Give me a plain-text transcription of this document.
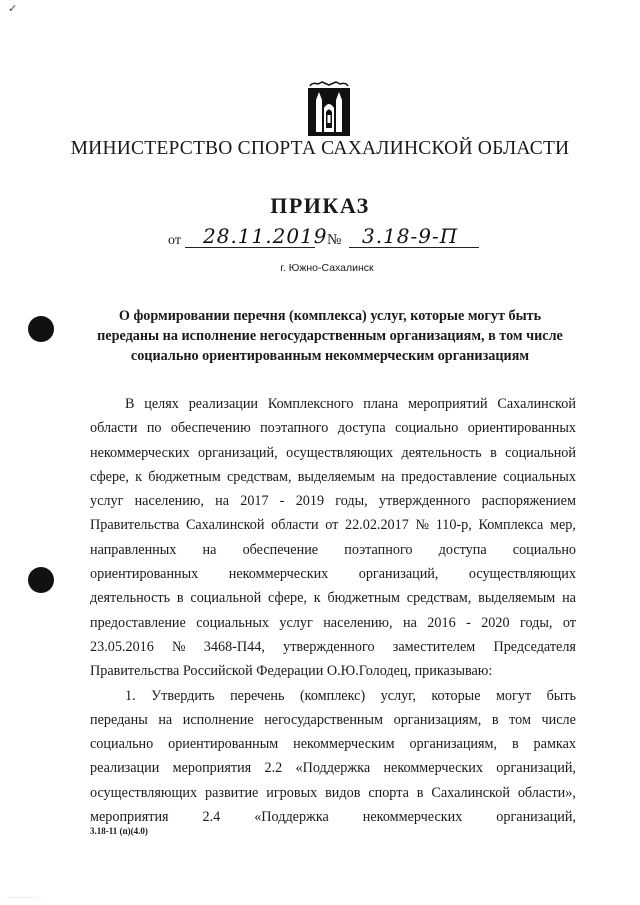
✓
МИНИСТЕРСТВО СПОРТА САХАЛИНСКОЙ ОБЛАСТИ
ПРИКАЗ
от 28.11.2019 № 3.18-9-П
г. Южно-Сахалинск
О формировании перечня (комплекса) услуг, которые могут быть
переданы на исполнение негосударственным организациям, в том числе
социально ориентированным некоммерческим организациям
В целях реализации Комплексного плана мероприятий Сахалинской
области по обеспечению поэтапного доступа социально ориентированных
некоммерческих организаций, осуществляющих деятельность в социальной
сфере, к бюджетным средствам, выделяемым на предоставление социальных
услуг населению, на 2017 - 2019 годы, утвержденного распоряжением
Правительства Сахалинской области от 22.02.2017 № 110-р, Комплекса мер,
направленных на обеспечение поэтапного доступа социально
ориентированных некоммерческих организаций, осуществляющих
деятельность в социальной сфере, к бюджетным средствам, выделяемым на
предоставление социальных услуг населению, на 2016 - 2020 годы, от
23.05.2016 № 3468-П44, утвержденного заместителем Председателя
Правительства Российской Федерации О.Ю.Голодец, приказываю:
1. Утвердить перечень (комплекс) услуг, которые могут быть
переданы на исполнение негосударственным организациям, в том числе
социально ориентированным некоммерческим организациям, в рамках
реализации мероприятия 2.2 «Поддержка некоммерческих организаций,
осуществляющих развитие игровых видов спорта в Сахалинской области»,
мероприятия 2.4 «Поддержка некоммерческих организаций,
3.18-11 (п)(4.0)
··········· · ·
